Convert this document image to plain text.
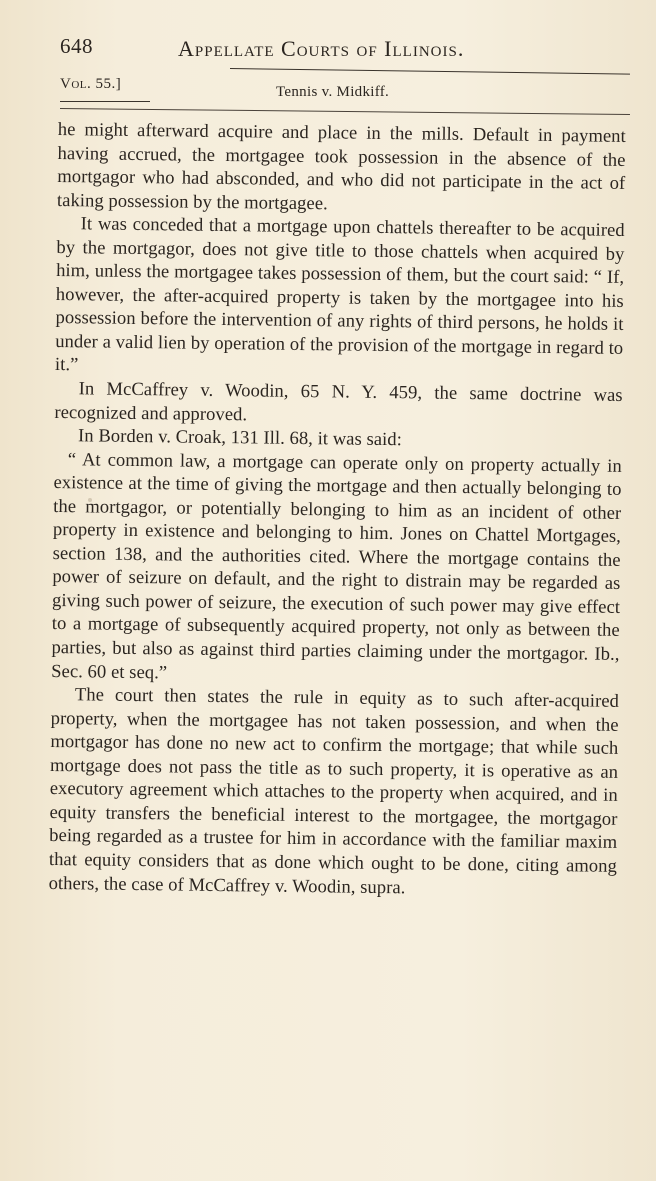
648	Appellate Courts of Illinois.
Vol. 55.]	Tennis v. Midkiff.

he might afterward acquire and place in the mills. Default in payment having accrued, the mortgagee took possession in the absence of the mortgagor who had absconded, and who did not participate in the act of taking possession by the mortgagee.

It was conceded that a mortgage upon chattels thereafter to be acquired by the mortgagor, does not give title to those chattels when acquired by him, unless the mortgagee takes possession of them, but the court said: “ If, however, the after-acquired property is taken by the mortgagee into his possession before the intervention of any rights of third persons, he holds it under a valid lien by operation of the provision of the mortgage in regard to it.”

In McCaffrey v. Woodin, 65 N. Y. 459, the same doctrine was recognized and approved.

In Borden v. Croak, 131 Ill. 68, it was said:

“ At common law, a mortgage can operate only on property actually in existence at the time of giving the mortgage and then actually belonging to the mortgagor, or potentially belonging to him as an incident of other property in existence and belonging to him. Jones on Chattel Mortgages, section 138, and the authorities cited. Where the mortgage contains the power of seizure on default, and the right to distrain may be regarded as giving such power of seizure, the execution of such power may give effect to a mortgage of subsequently acquired property, not only as between the parties, but also as against third parties claiming under the mortgagor. Ib., Sec. 60 et seq.”

The court then states the rule in equity as to such after-acquired property, when the mortgagee has not taken possession, and when the mortgagor has done no new act to confirm the mortgage; that while such mortgage does not pass the title as to such property, it is operative as an executory agreement which attaches to the property when acquired, and in equity transfers the beneficial interest to the mortgagee, the mortgagor being regarded as a trustee for him in accordance with the familiar maxim that equity considers that as done which ought to be done, citing among others, the case of McCaffrey v. Woodin, supra.
